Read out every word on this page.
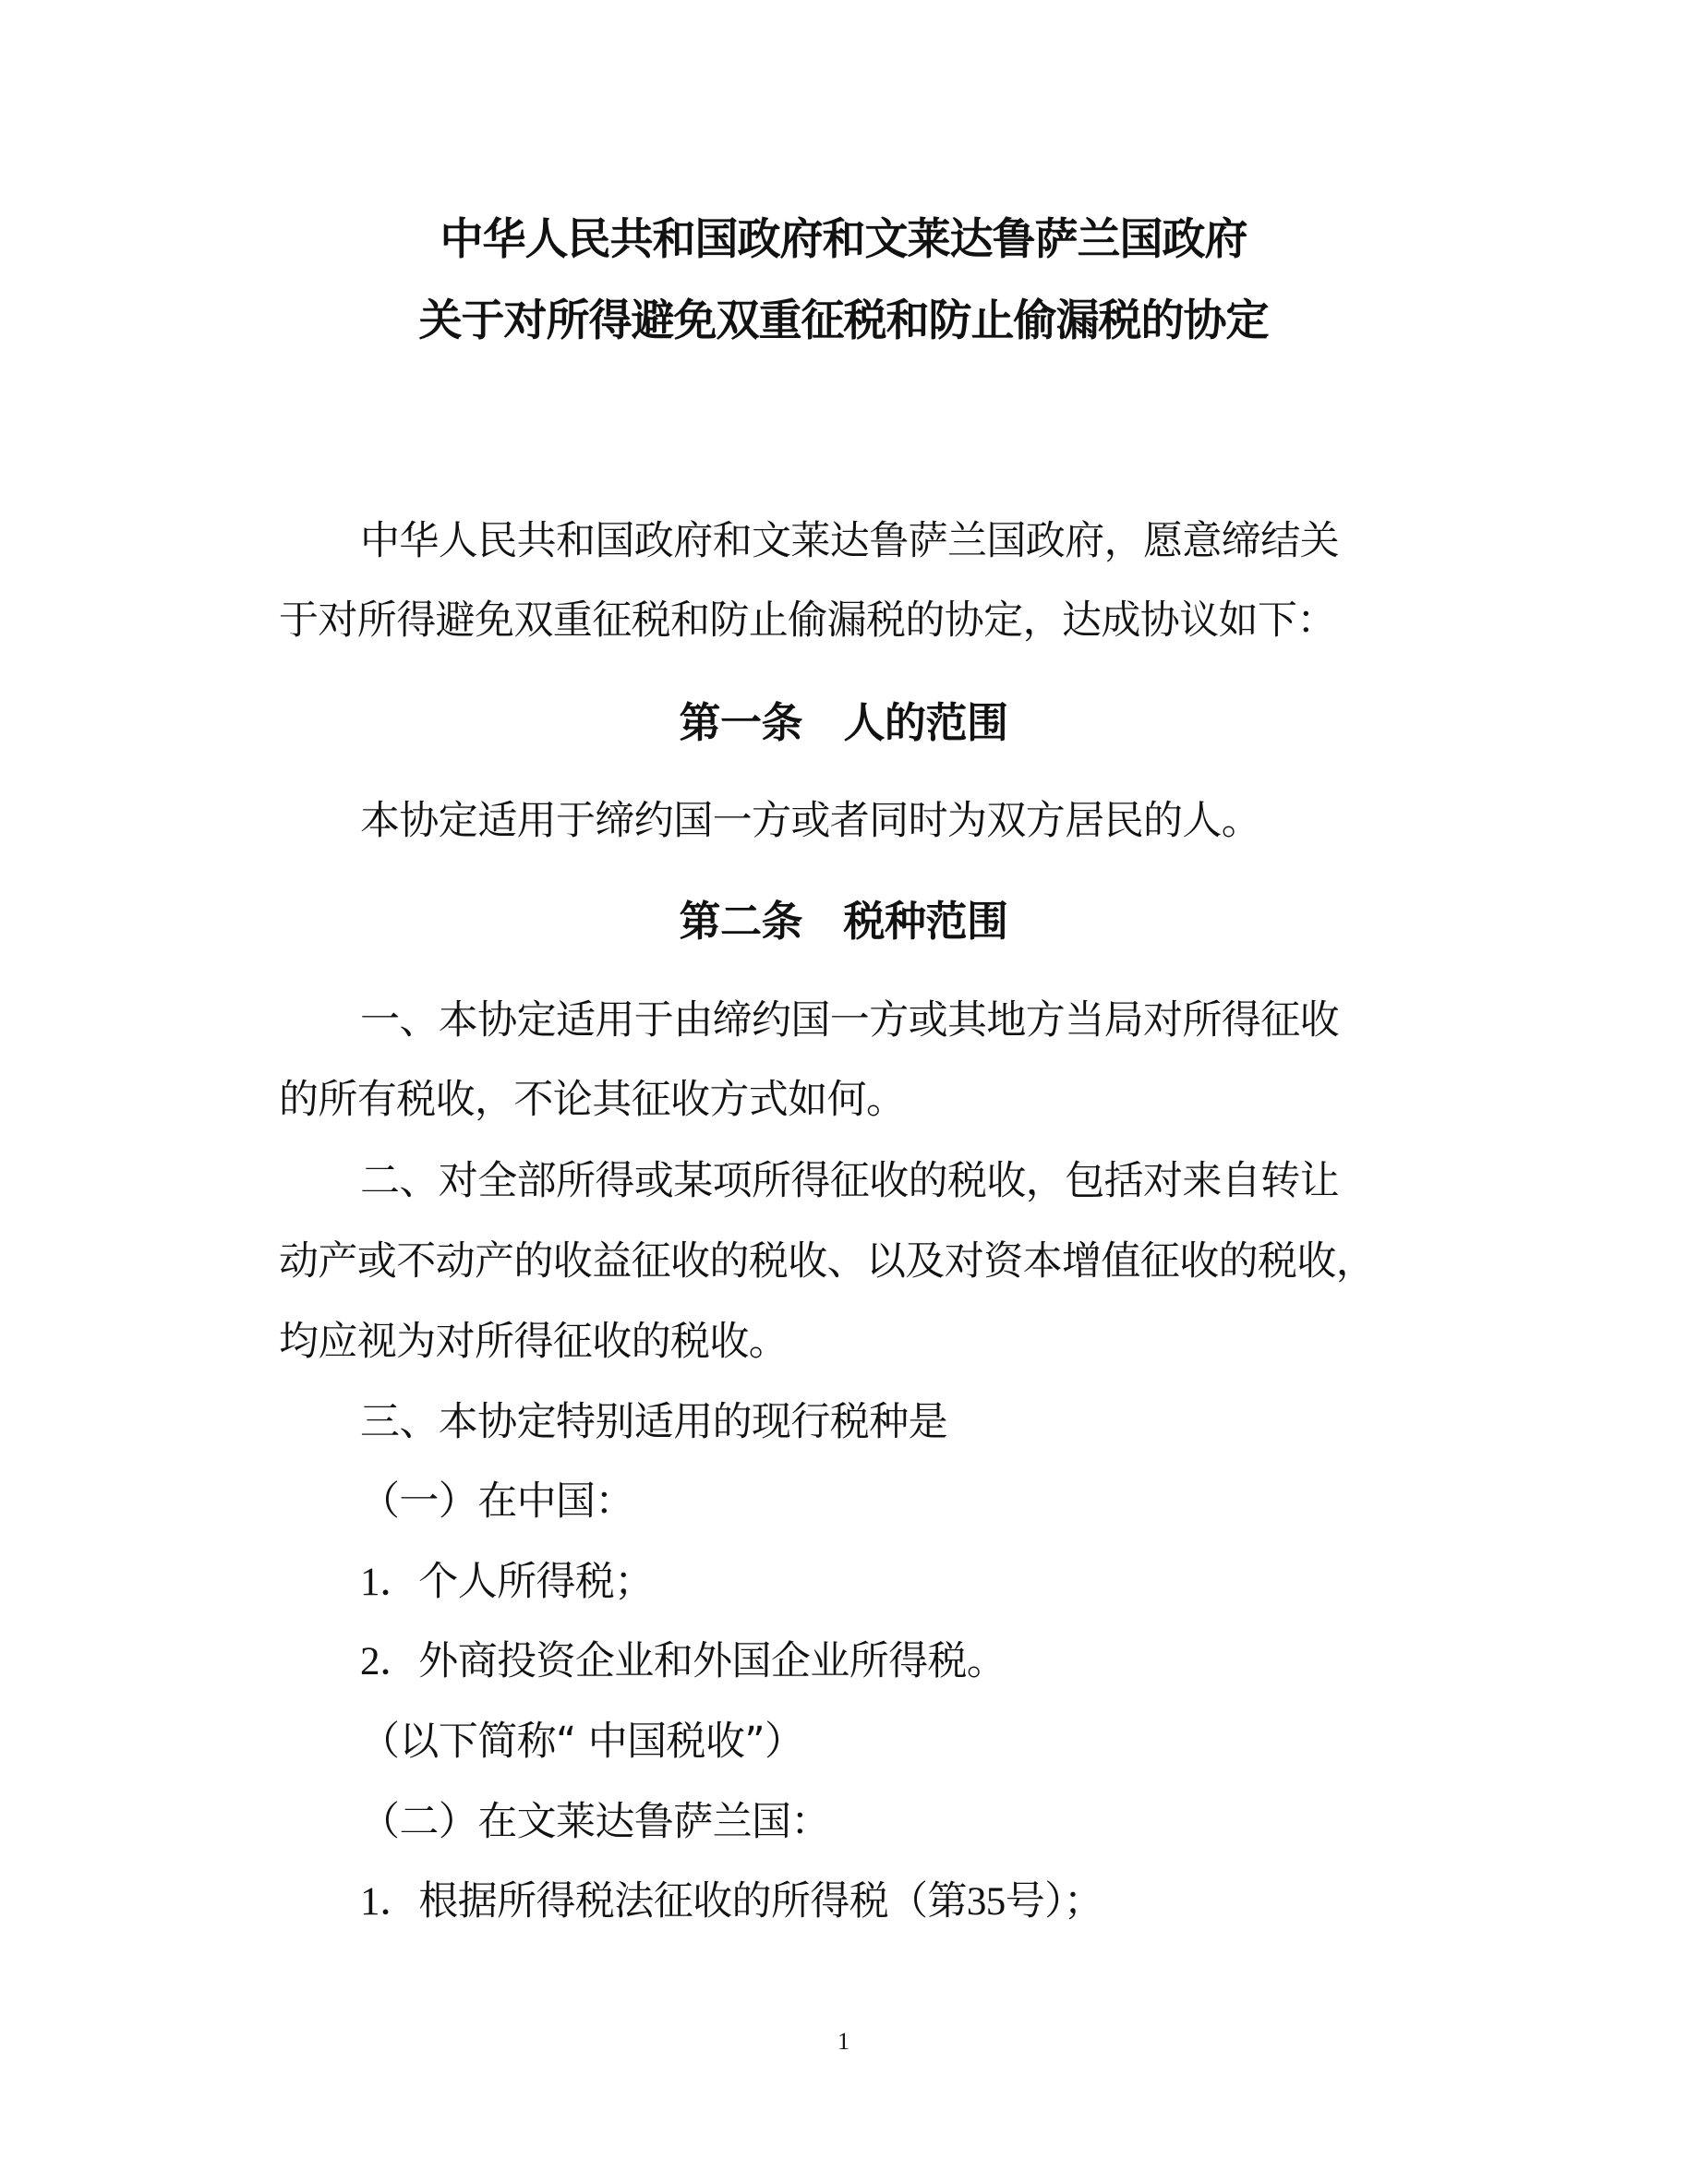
中华人民共和国政府和文莱达鲁萨兰国政府
关于对所得避免双重征税和防止偷漏税的协定
中华人民共和国政府和文莱达鲁萨兰国政府，愿意缔结关
于对所得避免双重征税和防止偷漏税的协定，达成协议如下：
第一条　人的范围
本协定适用于缔约国一方或者同时为双方居民的人。
第二条　税种范围
一、本协定适用于由缔约国一方或其地方当局对所得征收
的所有税收，不论其征收方式如何。
二、对全部所得或某项所得征收的税收，包括对来自转让
动产或不动产的收益征收的税收、以及对资本增值征收的税收，
均应视为对所得征收的税收。
三、本协定特别适用的现行税种是
（一）在中国：
1．个人所得税；
2．外商投资企业和外国企业所得税。
（以下简称“ 中国税收”）
（二）在文莱达鲁萨兰国：
1．根据所得税法征收的所得税（第35号）；
1
